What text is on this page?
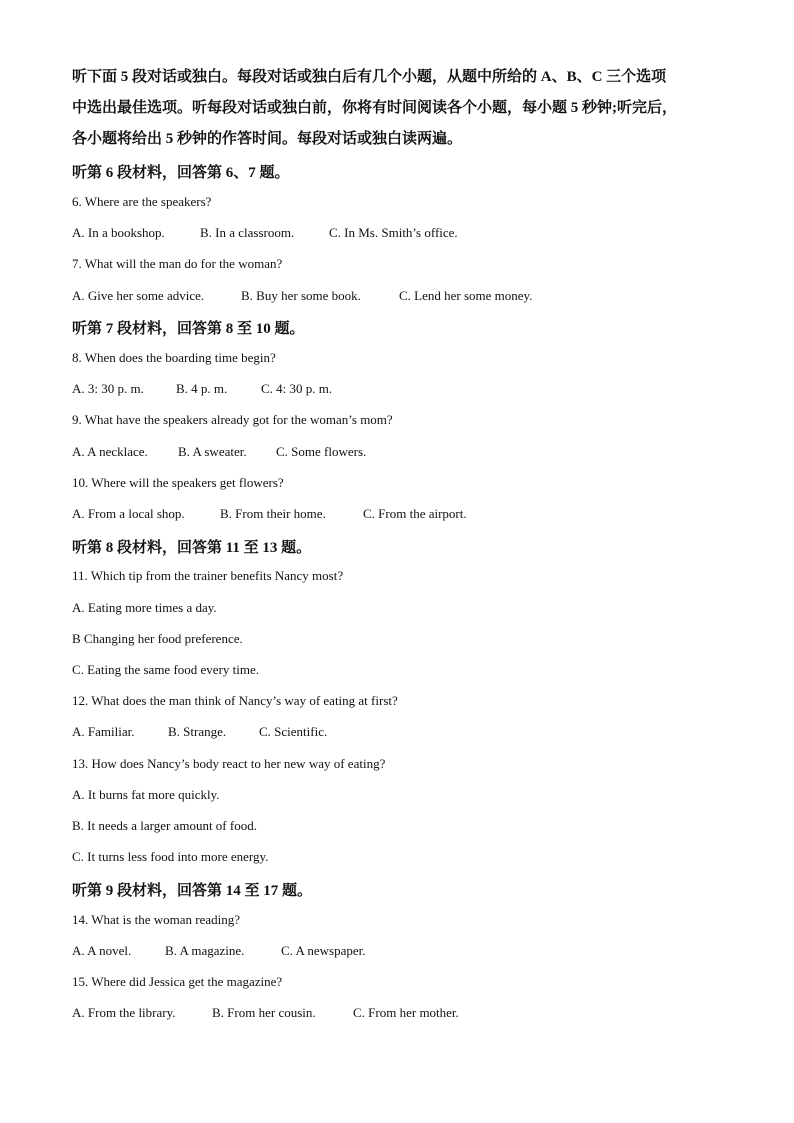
听下面 5 段对话或独白。每段对话或独白后有几个小题，从题中所给的 A、B、C 三个选项
中选出最佳选项。听每段对话或独白前，你将有时间阅读各个小题，每小题 5 秒钟;听完后，
各小题将给出 5 秒钟的作答时间。每段对话或独白读两遍。
听第 6 段材料，回答第 6、7 题。
6. Where are the speakers?
A. In a bookshop.	B. In a classroom.	C. In Ms. Smith’s office.
7. What will the man do for the woman?
A. Give her some advice.	B. Buy her some book.	C. Lend her some money.
听第 7 段材料，回答第 8 至 10 题。
8. When does the boarding time begin?
A. 3: 30 p. m.	B. 4 p. m.	C. 4: 30 p. m.
9. What have the speakers already got for the woman’s mom?
A. A necklace.	B. A sweater.	C. Some flowers.
10. Where will the speakers get flowers?
A. From a local shop.	B. From their home.	C. From the airport.
听第 8 段材料，回答第 11 至 13 题。
11. Which tip from the trainer benefits Nancy most?
A. Eating more times a day.
B Changing her food preference.
C. Eating the same food every time.
12. What does the man think of Nancy’s way of eating at first?
A. Familiar.	B. Strange.	C. Scientific.
13. How does Nancy’s body react to her new way of eating?
A. It burns fat more quickly.
B. It needs a larger amount of food.
C. It turns less food into more energy.
听第 9 段材料，回答第 14 至 17 题。
14. What is the woman reading?
A. A novel.	B. A magazine.	C. A newspaper.
15. Where did Jessica get the magazine?
A. From the library.	B. From her cousin.	C. From her mother.
